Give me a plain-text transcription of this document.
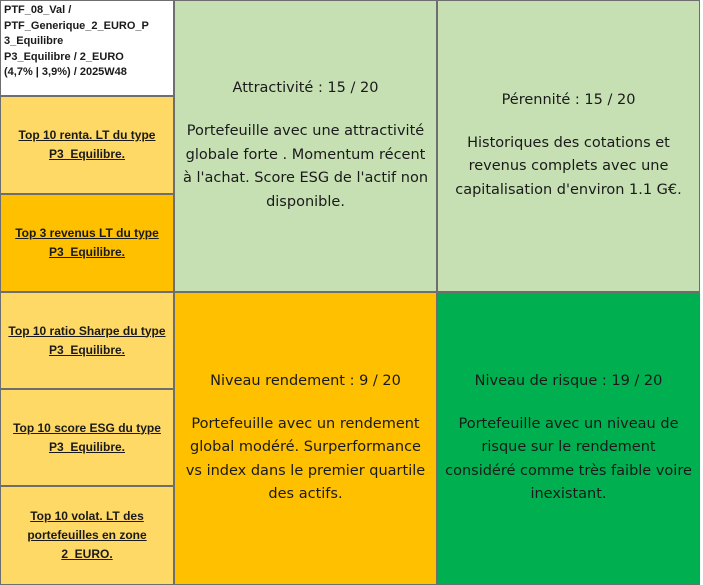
PTF_08_Val /
PTF_Generique_2_EURO_P
3_Equilibre
P3_Equilibre / 2_EURO
(4,7% | 3,9%) / 2025W48
Top 10 renta. LT du type P3_Equilibre.
Top 3 revenus LT du type P3_Equilibre.
Top 10 ratio Sharpe du type P3_Equilibre.
Top 10 score ESG du type P3_Equilibre.
Top 10 volat. LT des portefeuilles en zone 2_EURO.
Attractivité : 15 / 20
Portefeuille avec une attractivité globale forte . Momentum récent à l'achat. Score ESG de l'actif non disponible.
Pérennité : 15 / 20
Historiques des cotations et revenus complets avec une capitalisation d'environ 1.1 G€.
Niveau rendement : 9 / 20
Portefeuille avec un rendement global modéré. Surperformance vs index dans le premier quartile des actifs.
Niveau de risque : 19 / 20
Portefeuille avec un niveau de risque sur le rendement considéré comme très faible voire inexistant.
